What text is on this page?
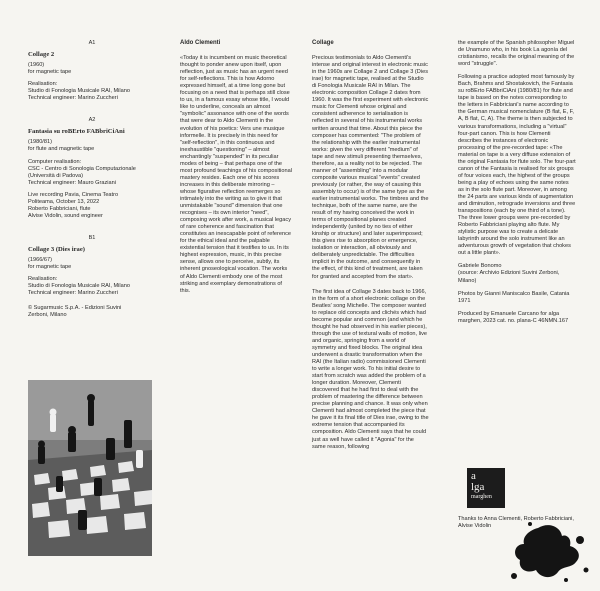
A1
Collage 2
(1960)
for magnetic tape
Realisation:
Studio di Fonologia Musicale RAI, Milano
Technical engineer: Marino Zuccheri
A2
Fantasia su roBErto FABbriCiAni
(1980/81)
for flute and magnetic tape
Computer realisation:
CSC - Centro di Sonologia Computazionale
(Università di Padova)
Technical engineer: Mauro Graziani
Live recording Pavia, Cinema Teatro
Politeama, October 13, 2022
Roberto Fabbriciani, flute
Alvise Vidolin, sound engineer
B1
Collage 3 (Dies irae)
(1966/67)
for magnetic tape
Realisation:
Studio di Fonologia Musicale RAI, Milano
Technical engineer: Marino Zuccheri
© Sugarmusic S.p.A. - Edizioni Suvini
Zerboni, Milano
Aldo Clementi

«Today it is incumbent on music theoretical thought to ponder anew upon itself, upon reflection, just as music has an urgent need for self-reflections. This is how Adorno expressed himself, at a time long gone but focusing on a need that is perhaps still close to us, in a famous essay whose title, I would like to underline, conceals an almost "symbolic" assonance with one of the words that were dear to Aldo Clementi in the evolution of his poetics: Vers une musique informelle. It is precisely in this need for "self-reflection", in this continuous and inexhaustible "questioning" – almost enchantingly "suspended" in its peculiar modes of being – that perhaps one of the most profound teachings of his compositional mastery resides. Each one of his scores increases in this deliberate mirroring – whose figurative reflection reemerges so intimately into the writing as to give it that unmistakable "sound" dimension that one recognises – its own interior "need", composing work after work, a musical legacy of rare coherence and fascination that constitutes an inescapable point of reference for the ethical ideal and the palpable existential tension that it testifies to us. In its highest expression, music, in this precise sense, allows one to perceive, subtly, its inherent gnoseological vocation. The works of Aldo Clementi embody one of the most striking and exemplary demonstrations of this.

Collage

Precious testimonials to Aldo Clementi's intense and original interest in electronic music in the 1960s are Collage 2 and Collage 3 (Dies irae) for magnetic tape, realised at the Studio di Fonologia Musicale RAI in Milan. The electronic composition Collage 2 dates from 1960. It was the first experiment with electronic music for Clementi whose original and consistent adherence to serialisation is reflected in several of his instrumental works written around that time. About this piece the composer has commented: "The problem of the relationship with the earlier instrumental works: given the very different "medium" of tape and new stimuli presenting themselves, therefore, as a reality not to be rejected. The manner of "assembling" into a modular composite various musical "events" created previously (or rather, the way of causing this assembly to occur) is of the same type as the earlier instrumental works. The timbres and the technique, both of the same name, are the result of my having conceived the work in terms of compositional planes created independently (united by no ties of either kinship or structure) and later superimposed; this gives rise to absorption or emergence, isolation or interaction, all obviously and deliberately unpredictable. The difficulties implicit in the outcome, and consequently in the effect, of this kind of treatment, are taken for granted and accepted from the start».

The first idea of Collage 3 dates back to 1966, in the form of a short electronic collage on the Beatles' song Michelle. The composer wanted to replace old concepts and clichés which had become popular and common (and which he thought he had observed in his earlier pieces), through the use of textural walls of motion, live and organic, springing from a world of symmetry and fixed blocks. The original idea underwent a drastic transformation when the RAI (the Italian radio) commissioned Clementi to write a longer work. To his initial desire to start from scratch was added the problem of a longer duration. Moreover, Clementi discovered that he had first to deal with the problem of mastering the difference between precise planning and chance. It was only when Clementi had almost completed the piece that he gave it its final title of Dies irae, owing to the extreme tension that accompanied its composition. Aldo Clementi says that he could just as well have called it "Agonia" for the same reason, following

the example of the Spanish philosopher Miguel de Unamuno who, in his book La agonía del cristianismo, recalls the original meaning of the word "struggle".

Following a practice adopted most famously by Bach, Brahms and Shostakovich, the Fantasia su roBErto FABbriCiAni (1980/81) for flute and tape is based on the notes corresponding to the letters in Fabbriciani's name according to the German musical nomenclature (B flat, E, F, A, B flat, C, A). The theme is then subjected to various transformations, including a "virtual" four-part canon. This is how Clementi describes the instances of electronic processing of the pre-recorded tape: «The material on tape is a very diffuse extension of the original Fantasia for flute solo. The four-part canon of the Fantasia is realised for six groups of four voices each, the highest of the groups being a play of echoes using the same notes as in the solo flute part. Moreover, in among the 24 parts are various kinds of augmentation and diminution, retrograde inversions and three transpositions (each by one third of a tone). The three lower groups were pre-recorded by Roberto Fabbriciani playing alto flute. My stylistic purpose was to create a delicate labyrinth around the solo instrument like an adventurous growth of vegetation that chokes out a little plant».

Gabriele Bonomo

(source: Archivio Edizioni Suvini Zerboni, Milano)

Photos by Gianni Maniscalco Basile, Catania 1971

Produced by Emanuele Carcano for alga marghen, 2023 cat. no. plana-C 46NMN.167

a
lga
marghen
Thanks to Anna Clementi, Roberto Fabbriciani, Alvise Vidolin
